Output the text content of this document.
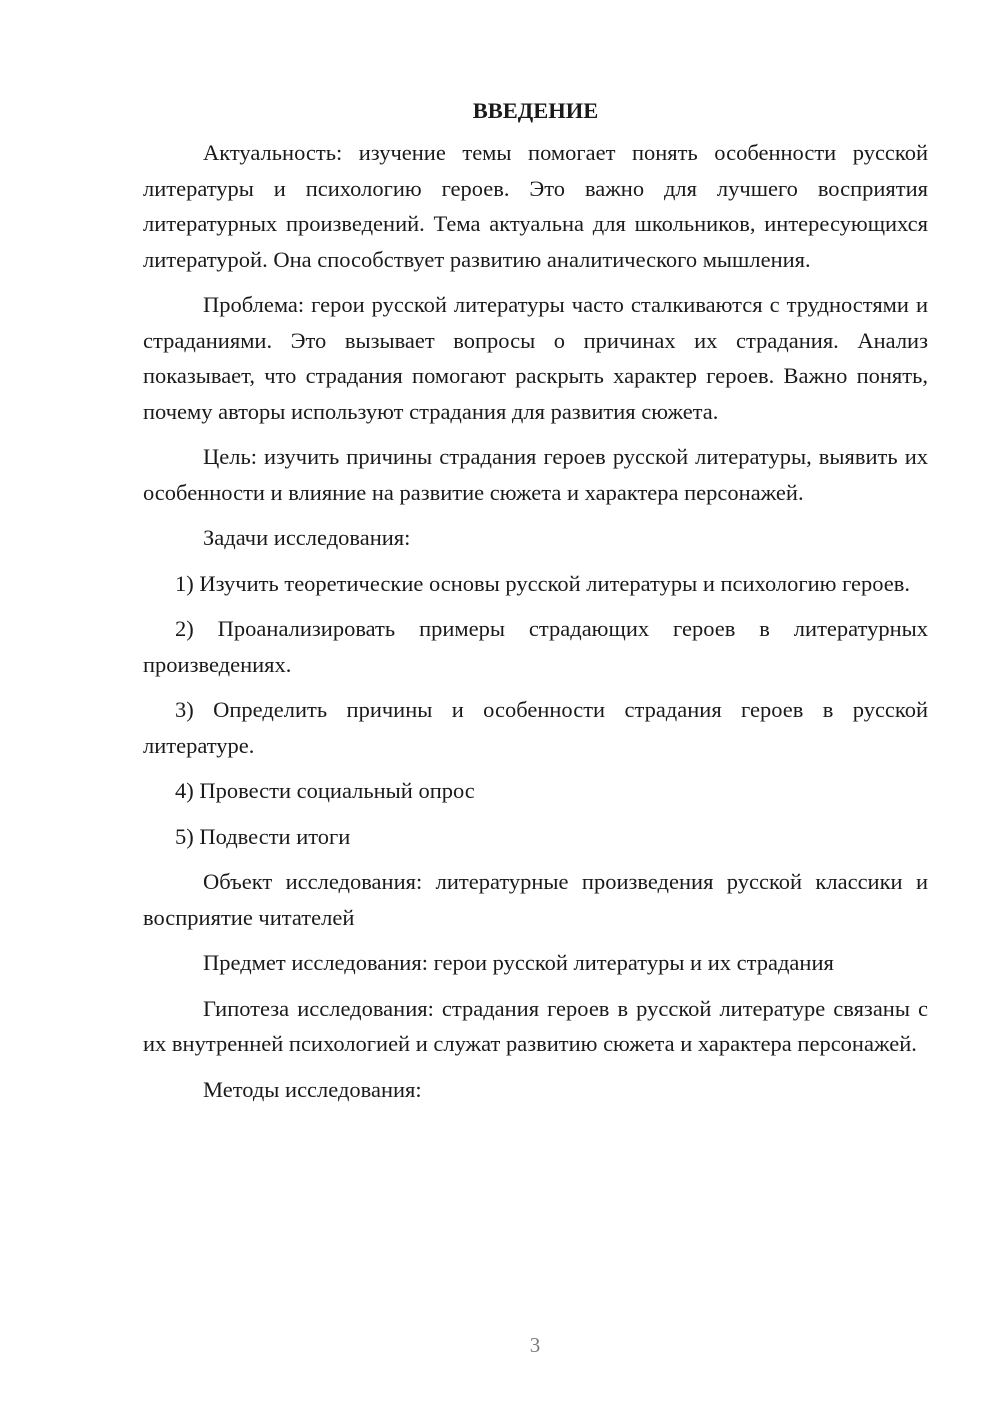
ВВЕДЕНИЕ

Актуальность: изучение темы помогает понять особенности русской литературы и психологию героев. Это важно для лучшего восприятия литературных произведений. Тема актуальна для школьников, интересующихся литературой. Она способствует развитию аналитического мышления.

Проблема: герои русской литературы часто сталкиваются с трудностями и страданиями. Это вызывает вопросы о причинах их страдания. Анализ показывает, что страдания помогают раскрыть характер героев. Важно понять, почему авторы используют страдания для развития сюжета.

Цель: изучить причины страдания героев русской литературы, выявить их особенности и влияние на развитие сюжета и характера персонажей.

Задачи исследования:

1) Изучить теоретические основы русской литературы и психологию героев.

2) Проанализировать примеры страдающих героев в литературных произведениях.

3) Определить причины и особенности страдания героев в русской литературе.

4) Провести социальный опрос

5) Подвести итоги

Объект исследования: литературные произведения русской классики и восприятие читателей

Предмет исследования: герои русской литературы и их страдания

Гипотеза исследования: страдания героев в русской литературе связаны с их внутренней психологией и служат развитию сюжета и характера персонажей.

Методы исследования:

3
